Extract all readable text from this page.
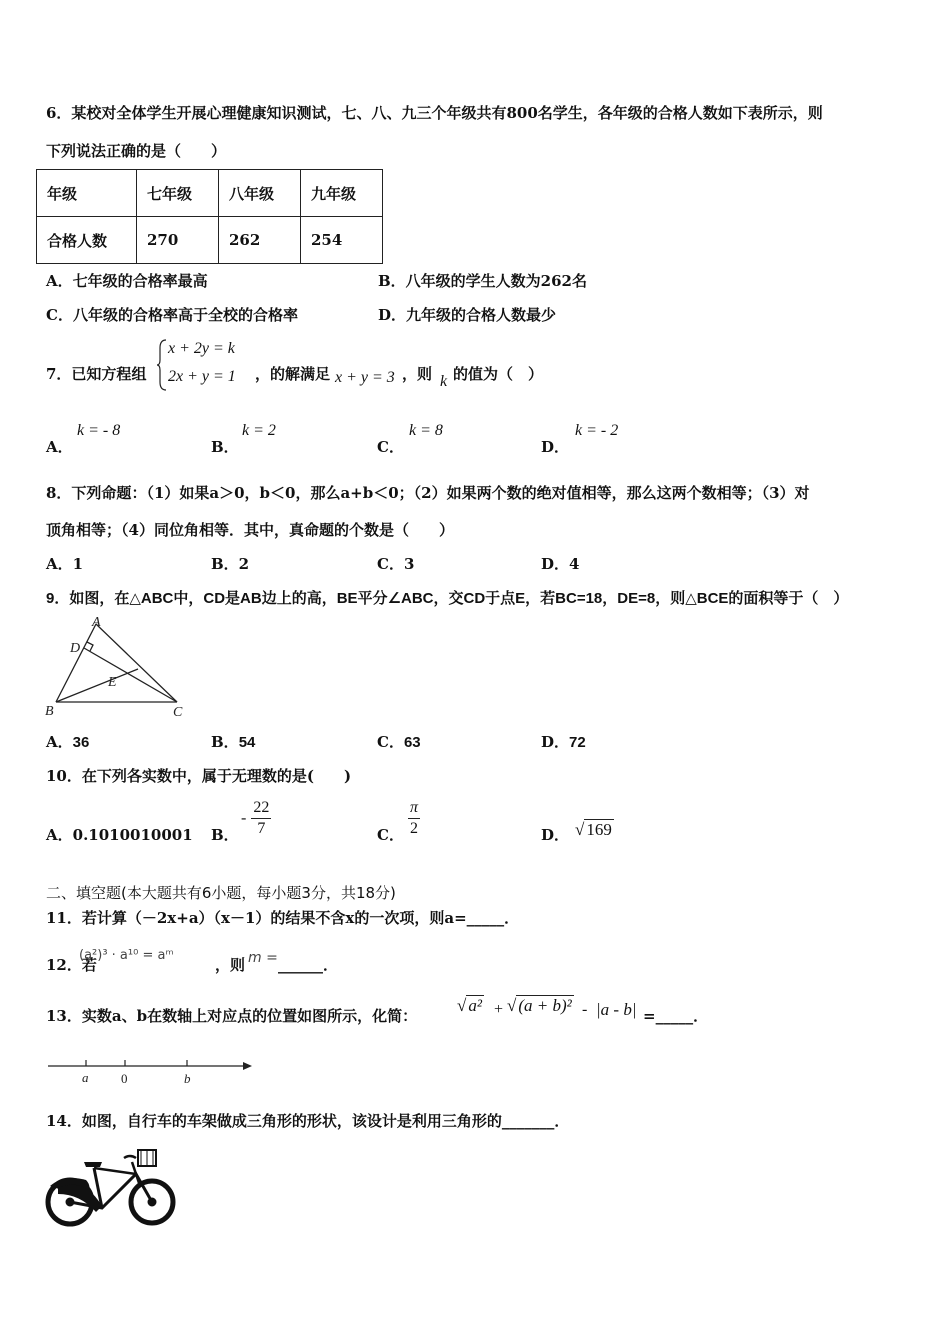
6．某校对全体学生开展心理健康知识测试，七、八、九三个年级共有800名学生，各年级的合格人数如下表所示，则
下列说法正确的是（　　）
年级	七年级	八年级	九年级
合格人数	270	262	254
A．七年级的合格率最高	B．八年级的学生人数为262名
C．八年级的合格率高于全校的合格率	D．九年级的合格人数最少
7．已知方程组
x + 2y = k
2x + y = 1 ，的解满足 x + y = 3 ，则 k 的值为（　）
A．
k = - 8
B．
k = 2
C．
k = 8
D．
k = - 2
8．下列命题：（1）如果a＞0，b＜0，那么a+b＜0；（2）如果两个数的绝对值相等，那么这两个数相等；（3）对
顶角相等；（4）同位角相等．其中，真命题的个数是（　　）
A．1	B．2	C．3	D．4
9．如图，在△ABC中，CD是AB边上的高，BE平分∠ABC，交CD于点E，若BC=18，DE=8，则△BCE的面积等于（　）
A
D
E
B	C
A．36	B．54	C．63	D．72
10．在下列各实数中，属于无理数的是(　　)
A．0.1010010001 B．
- $\frac{22}{7}$	C． $\frac{\pi}{2}$	D． √ 169
二、填空题(本大题共有6小题，每小题3分，共18分)
11．若计算（－2x+a）（x－1）的结果不含x的一次项，则a=_____．
12．若
(a²)³ · a¹⁰ = aᵐ
，则 m = ______．
13．实数a、b在数轴上对应点的位置如图所示，化简：
√ a² + √ (a + b)² - |a - b| =_____．
a	0	b
14．如图，自行车的车架做成三角形的形状，该设计是利用三角形的_______．
